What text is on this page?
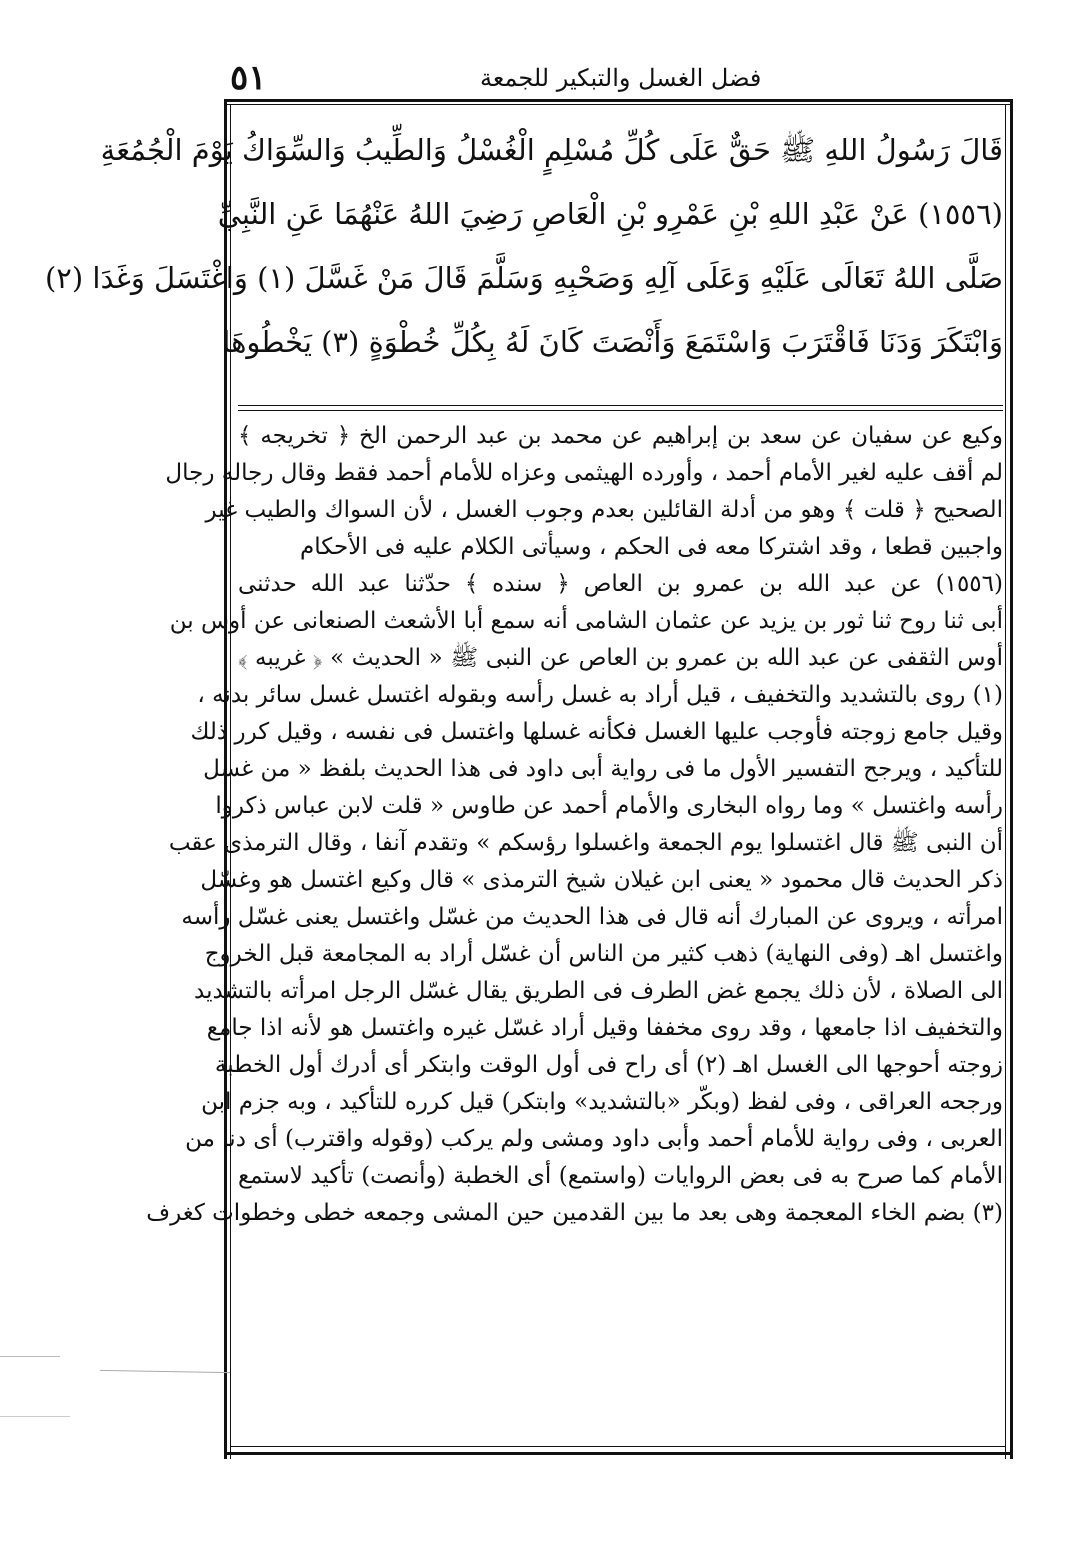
٥١	فضل الغسل والتبكير للجمعة
قَالَ رَسُولُ اللهِ ﷺ حَقٌّ عَلَى كُلِّ مُسْلِمٍ الْغُسْلُ وَالطِّيبُ وَالسِّوَاكُ يَوْمَ الْجُمُعَةِ
(١٥٥٦) عَنْ عَبْدِ اللهِ بْنِ عَمْرِو بْنِ الْعَاصِ رَضِيَ اللهُ عَنْهُمَا عَنِ النَّبِيِّ
صَلَّى اللهُ تَعَالَى عَلَيْهِ وَعَلَى آلِهِ وَصَحْبِهِ وَسَلَّمَ قَالَ مَنْ غَسَّلَ (١) وَاغْتَسَلَ وَغَدَا (٢)
وَابْتَكَرَ وَدَنَا فَاقْتَرَبَ وَاسْتَمَعَ وَأَنْصَتَ كَانَ لَهُ بِكُلِّ خُطْوَةٍ (٣) يَخْطُوهَا
وكيع عن سفيان عن سعد بن إبراهيم عن محمد بن عبد الرحمن الخ ﴿ تخريجه ﴾
لم أقف عليه لغير الأمام أحمد ، وأورده الهيثمى وعزاه للأمام أحمد فقط وقال رجاله رجال
الصحيح ﴿ قلت ﴾ وهو من أدلة القائلين بعدم وجوب الغسل ، لأن السواك والطيب غير
واجبين قطعا ، وقد اشتركا معه فى الحكم ، وسيأتى الكلام عليه فى الأحكام
(١٥٥٦) عن عبد الله بن عمرو بن العاص ﴿ سنده ﴾ حدّثنا عبد الله حدثنى
أبى ثنا روح ثنا ثور بن يزيد عن عثمان الشامى أنه سمع أبا الأشعث الصنعانى عن أوس بن
أوس الثقفى عن عبد الله بن عمرو بن العاص عن النبى ﷺ « الحديث » ﴿ غريبه ﴾
(١) روى بالتشديد والتخفيف ، قيل أراد به غسل رأسه وبقوله اغتسل غسل سائر بدنه ،
وقيل جامع زوجته فأوجب عليها الغسل فكأنه غسلها واغتسل فى نفسه ، وقيل كرر ذلك
للتأكيد ، ويرجح التفسير الأول ما فى رواية أبى داود فى هذا الحديث بلفظ « من غسل
رأسه واغتسل » وما رواه البخارى والأمام أحمد عن طاوس « قلت لابن عباس ذكروا
أن النبى ﷺ قال اغتسلوا يوم الجمعة واغسلوا رؤسكم » وتقدم آنفا ، وقال الترمذى عقب
ذكر الحديث قال محمود « يعنى ابن غيلان شيخ الترمذى » قال وكيع اغتسل هو وغسّل
امرأته ، ويروى عن المبارك أنه قال فى هذا الحديث من غسّل واغتسل يعنى غسّل رأسه
واغتسل اهـ (وفى النهاية) ذهب كثير من الناس أن غسّل أراد به المجامعة قبل الخروج
الى الصلاة ، لأن ذلك يجمع غض الطرف فى الطريق يقال غسّل الرجل امرأته بالتشديد
والتخفيف اذا جامعها ، وقد روى مخففا وقيل أراد غسّل غيره واغتسل هو لأنه اذا جامع
زوجته أحوجها الى الغسل اهـ (٢) أى راح فى أول الوقت وابتكر أى أدرك أول الخطبة
ورجحه العراقى ، وفى لفظ (وبكّر «بالتشديد» وابتكر) قيل كرره للتأكيد ، وبه جزم ابن
العربى ، وفى رواية للأمام أحمد وأبى داود ومشى ولم يركب (وقوله واقترب) أى دنا من
الأمام كما صرح به فى بعض الروايات (واستمع) أى الخطبة (وأنصت) تأكيد لاستمع
(٣) بضم الخاء المعجمة وهى بعد ما بين القدمين حين المشى وجمعه خطى وخطوات كغرف
